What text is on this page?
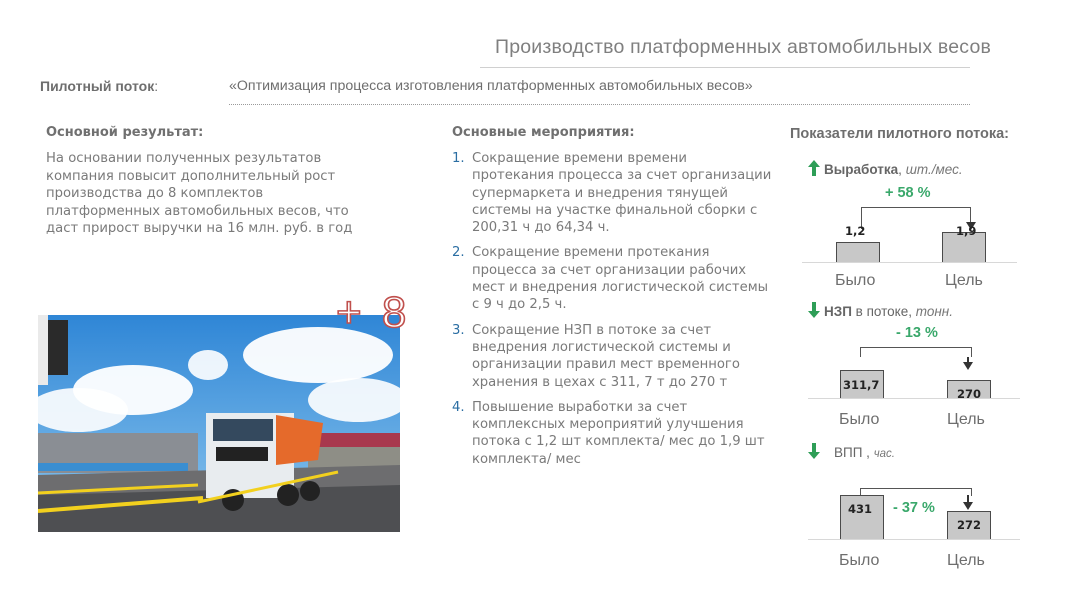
Производство платформенных автомобильных весов
Пилотный поток:	«Оптимизация процесса изготовления платформенных автомобильных весов»
Основной результат:
На основании полученных результатов компания повысит дополнительный рост производства до 8 комплектов платформенных автомобильных весов, что даст прирост выручки на 16 млн. руб. в год
+ 8
Основные мероприятия:
1. Сокращение времени времени протекания процесса за счет организации супермаркета и внедрения тянущей системы на участке финальной сборки с 200,31 ч до 64,34 ч.
2. Сокращение времени протекания процесса за счет организации рабочих мест и внедрения логистической системы с 9 ч до 2,5 ч.
3. Сокращение НЗП в потоке за счет внедрения логистической системы и организации правил мест временного хранения в цехах с 311, 7 т до 270 т
4. Повышение выработки за счет комплексных мероприятий улучшения потока с 1,2 шт комплекта/ мес до 1,9 шт комплекта/ мес
Показатели пилотного потока:
Выработка, шт./мес.
+ 58 %
1,2	1,9
Было	Цель
НЗП в потоке, тонн.
- 13 %
311,7
270
Было	Цель
ВПП , час.
431
272
- 37 %
Было	Цель
